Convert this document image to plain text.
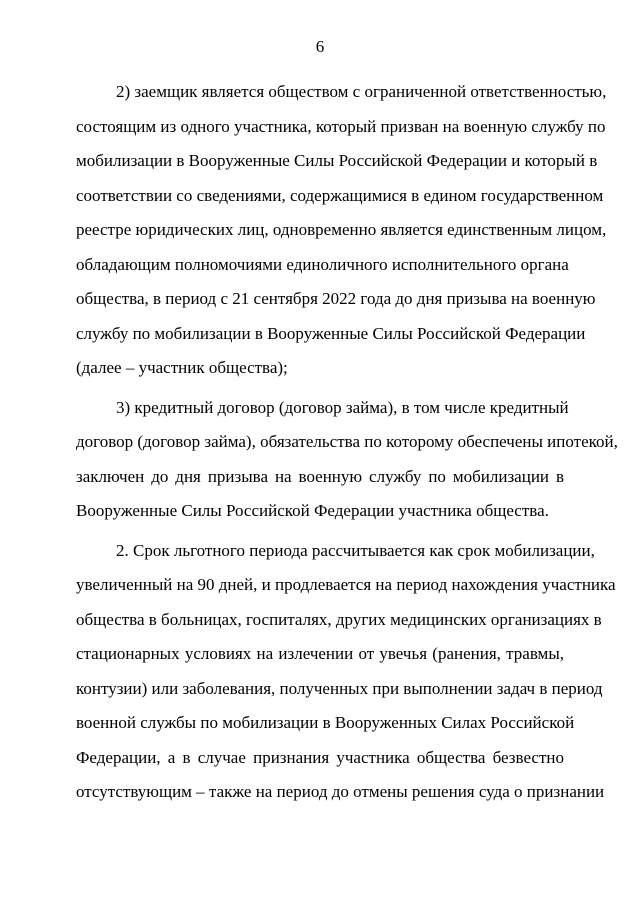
6
2) заемщик является обществом с ограниченной ответственностью,
состоящим из одного участника, который призван на военную службу по
мобилизации в Вооруженные Силы Российской Федерации и который в
соответствии со сведениями, содержащимися в едином государственном
реестре юридических лиц, одновременно является единственным лицом,
обладающим полномочиями единоличного исполнительного органа
общества, в период с 21 сентября 2022 года до дня призыва на военную
службу по мобилизации в Вооруженные Силы Российской Федерации
(далее – участник общества);
3) кредитный договор (договор займа), в том числе кредитный
договор (договор займа), обязательства по которому обеспечены ипотекой,
заключен до дня призыва на военную службу по мобилизации в
Вооруженные Силы Российской Федерации участника общества.
2. Срок льготного периода рассчитывается как срок мобилизации,
увеличенный на 90 дней, и продлевается на период нахождения участника
общества в больницах, госпиталях, других медицинских организациях в
стационарных условиях на излечении от увечья (ранения, травмы,
контузии) или заболевания, полученных при выполнении задач в период
военной службы по мобилизации в Вооруженных Силах Российской
Федерации, а в случае признания участника общества безвестно
отсутствующим – также на период до отмены решения суда о признании
